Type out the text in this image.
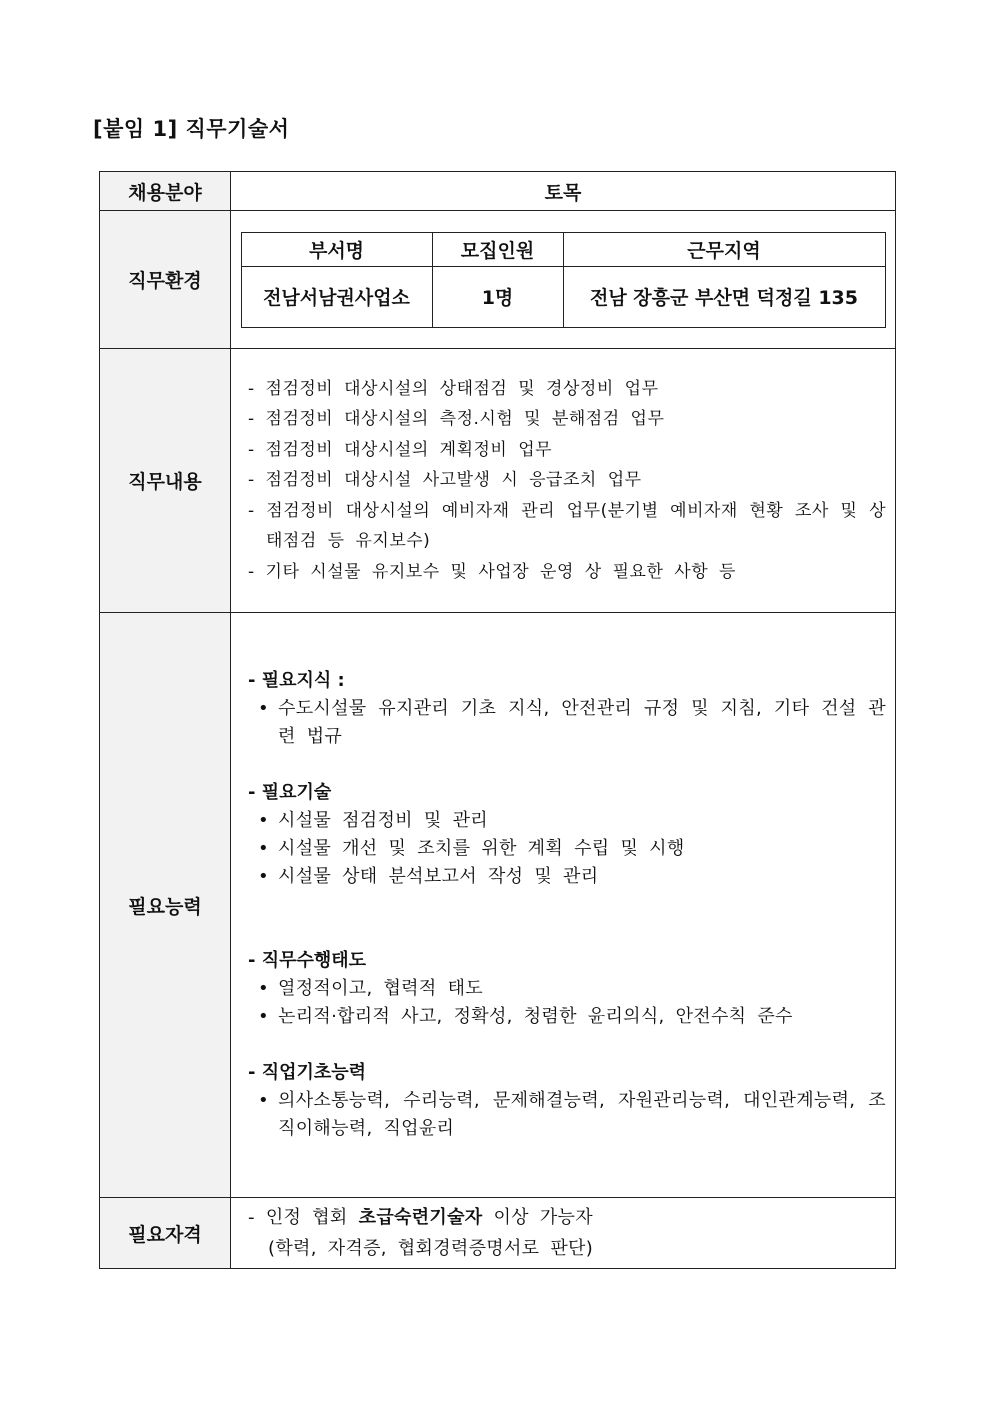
[붙임 1] 직무기술서
채용분야	토목
직무환경	
부서명	모집인원	근무지역
전남서남권사업소	1명	전남 장흥군 부산면 덕정길 135

직무내용	
- 점검정비 대상시설의 상태점검 및 경상정비 업무
- 점검정비 대상시설의 측정.시험 및 분해점검 업무
- 점검정비 대상시설의 계획정비 업무
- 점검정비 대상시설 사고발생 시 응급조치 업무
- 점검정비 대상시설의 예비자재 관리 업무(분기별 예비자재 현황 조사 및 상태점검 등 유지보수)
- 기타 시설물 유지보수 및 사업장 운영 상 필요한 사항 등

필요능력	
- 필요지식 :
• 수도시설물 유지관리 기초 지식, 안전관리 규정 및 지침, 기타 건설 관련 법규
- 필요기술
• 시설물 점검정비 및 관리
• 시설물 개선 및 조치를 위한 계획 수립 및 시행
• 시설물 상태 분석보고서 작성 및 관리
- 직무수행태도
• 열정적이고, 협력적 태도
• 논리적·합리적 사고, 정확성, 청렴한 윤리의식, 안전수칙 준수
- 직업기초능력
• 의사소통능력, 수리능력, 문제해결능력, 자원관리능력, 대인관계능력, 조직이해능력, 직업윤리

필요자격	
- 인정 협회 초급숙련기술자 이상 가능자
(학력, 자격증, 협회경력증명서로 판단)
